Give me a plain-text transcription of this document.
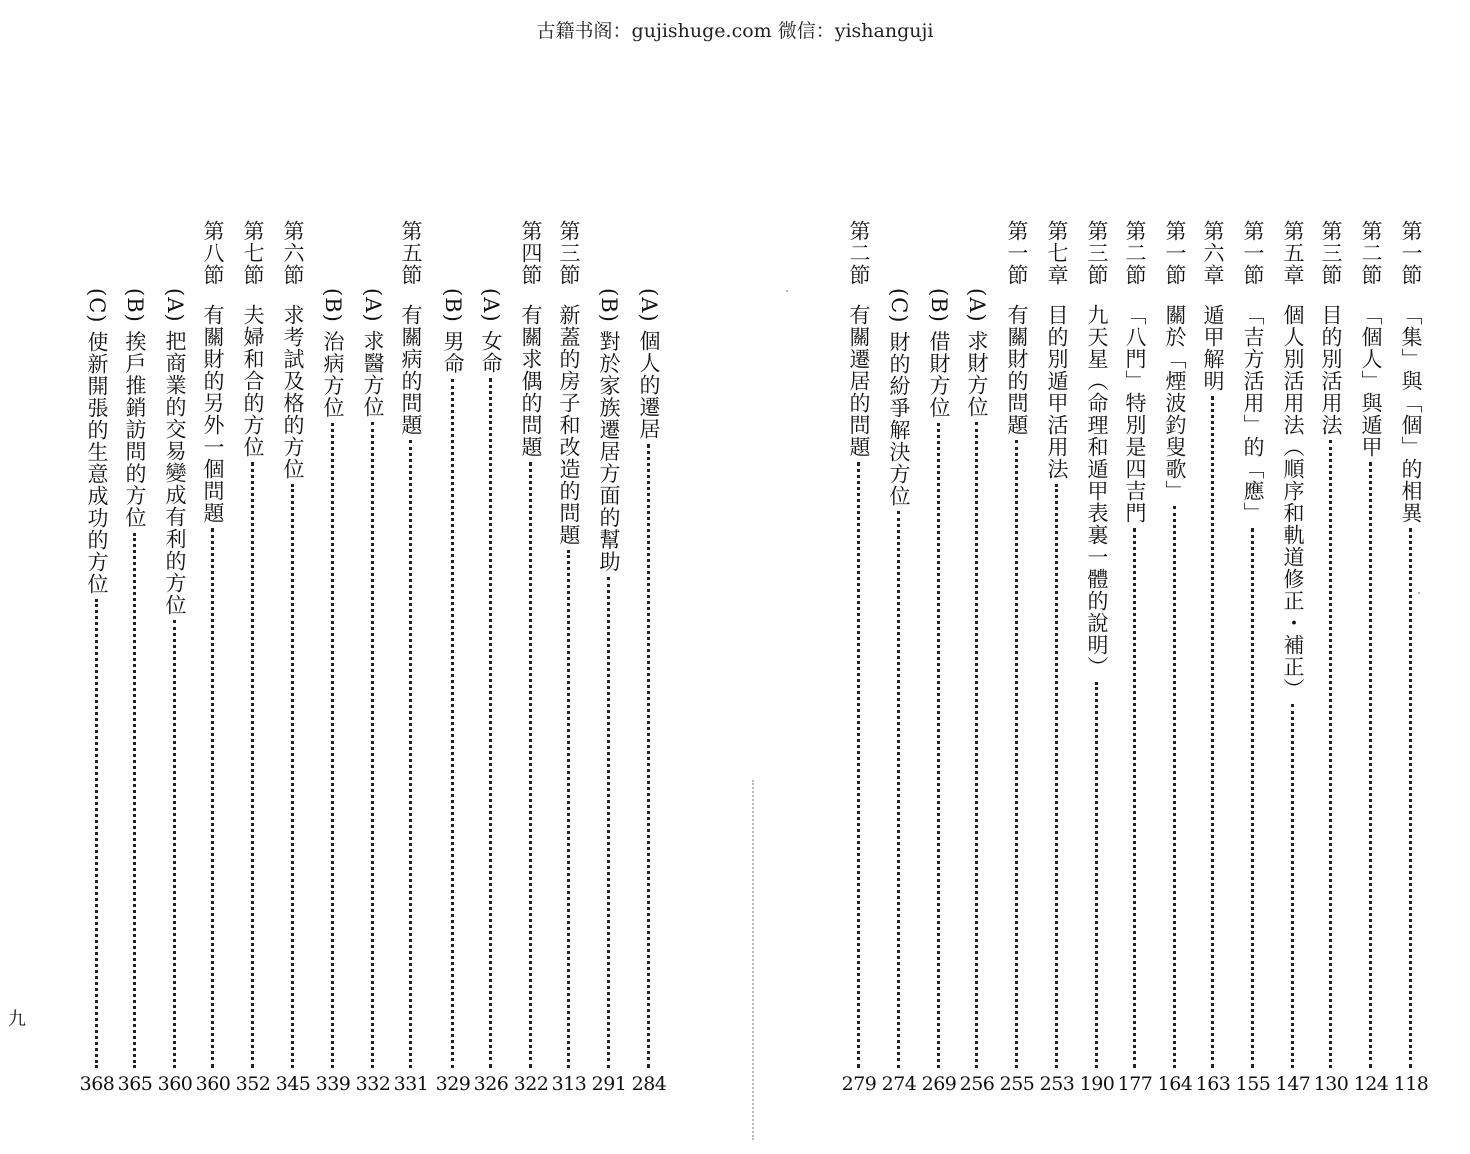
古籍书阁：gujishuge.com 微信：yishanguji
(C) 使新開張的生意成功的方位
368
(B) 挨戶推銷訪問的方位
365
(A) 把商業的交易變成有利的方位
360
第八節有關財的另外一個問題
360
第七節夫婦和合的方位
352
第六節求考試及格的方位
345
(B) 治病方位
339
(A) 求醫方位
332
第五節有關病的問題
331
(B) 男命
329
(A) 女命
326
第四節有關求偶的問題
322
第三節新蓋的房子和改造的問題
313
(B) 對於家族遷居方面的幫助
291
(A) 個人的遷居
284
第二節有關遷居的問題
279
(C) 財的紛爭解決方位
274
(B) 借財方位
269
(A) 求財方位
256
第一節有關財的問題
255
第七章目的別遁甲活用法
253
第三節九天星（命理和遁甲表裏一體的說明）
190
第二節「八門」特別是四吉門
177
第一節關於「煙波釣叟歌」
164
第六章遁甲解明
163
第一節「吉方活用」的「應」
155
第五章個人別活用法（順序和軌道修正・補正）
147
第三節目的別活用法
130
第二節「個人」與遁甲
124
第一節「集」與「個」的相異
118
九
